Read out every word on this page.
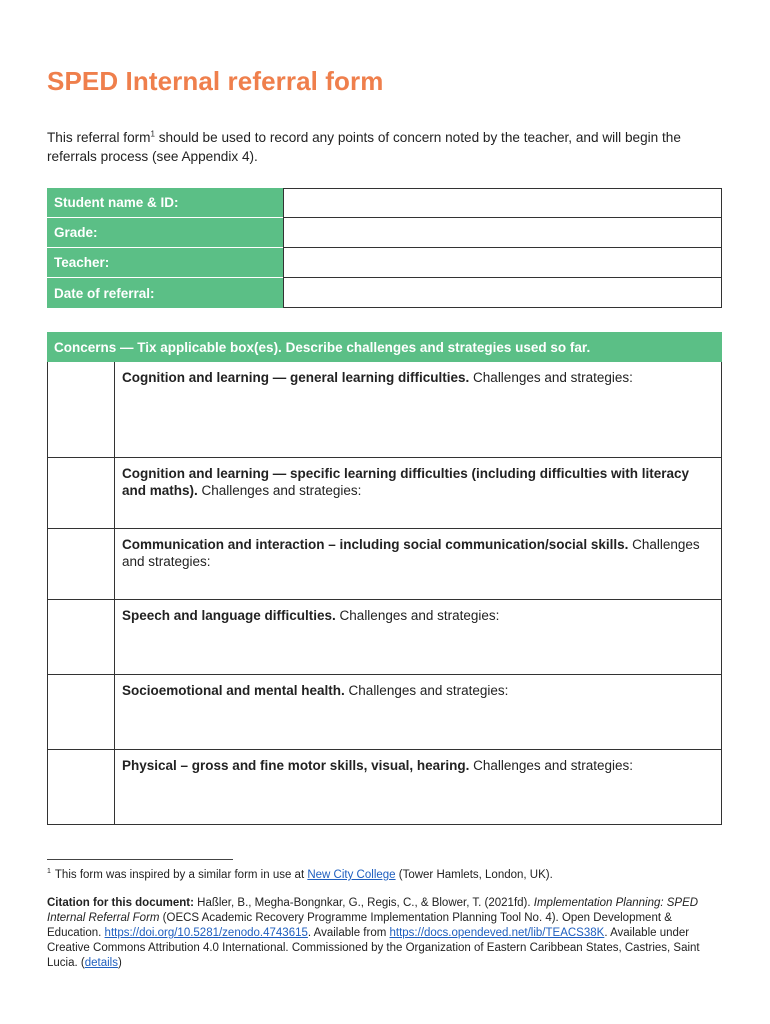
SPED Internal referral form

This referral form$^1$ should be used to record any points of concern noted by the teacher, and will begin the referrals process (see Appendix 4).

Student name & ID:
Grade:
Teacher:
Date of referral:
Concerns — Tix applicable box(es). Describe challenges and strategies used so far.
Cognition and learning — general learning difficulties. Challenges and strategies:
Cognition and learning — specific learning difficulties (including difficulties with literacy and maths). Challenges and strategies:
Communication and interaction – including social communication/social skills. Challenges and strategies:
Speech and language difficulties. Challenges and strategies:
Socioemotional and mental health. Challenges and strategies:
Physical – gross and fine motor skills, visual, hearing. Challenges and strategies:

$^1$ This form was inspired by a similar form in use at New City College (Tower Hamlets, London, UK).

Citation for this document: Haßler, B., Megha-Bongnkar, G., Regis, C., & Blower, T. (2021fd). Implementation Planning: SPED Internal Referral Form (OECS Academic Recovery Programme Implementation Planning Tool No. 4). Open Development & Education. https://doi.org/10.5281/zenodo.4743615. Available from https://docs.opendeved.net/lib/TEACS38K. Available under Creative Commons Attribution 4.0 International. Commissioned by the Organization of Eastern Caribbean States, Castries, Saint Lucia. (details)
